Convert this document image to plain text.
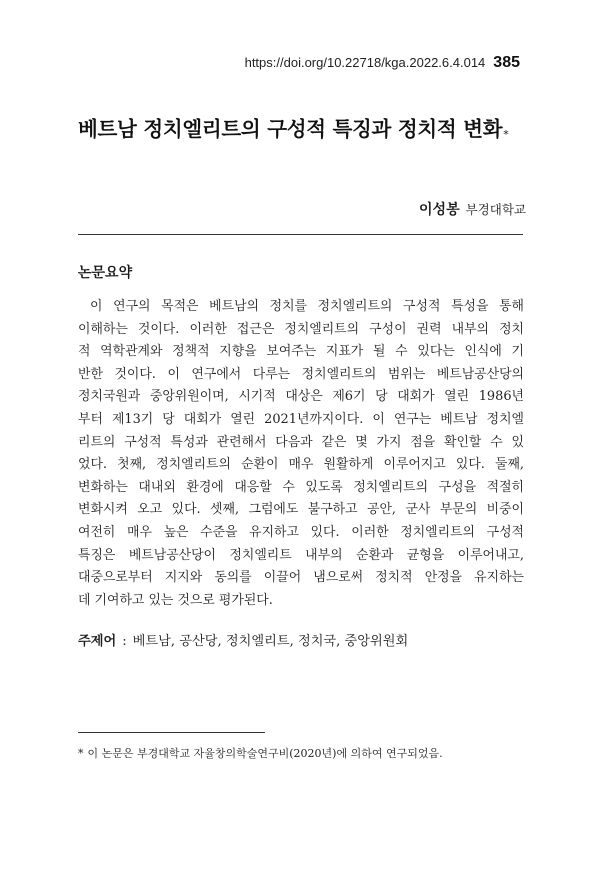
https://doi.org/10.22718/kga.2022.6.4.014 385
베트남 정치엘리트의 구성적 특징과 정치적 변화*
이성봉 부경대학교
논문요약

이 연구의 목적은 베트남의 정치를 정치엘리트의 구성적 특성을 통해
이해하는 것이다. 이러한 접근은 정치엘리트의 구성이 권력 내부의 정치
적 역학관계와 정책적 지향을 보여주는 지표가 될 수 있다는 인식에 기
반한 것이다. 이 연구에서 다루는 정치엘리트의 범위는 베트남공산당의
정치국원과 중앙위원이며, 시기적 대상은 제6기 당 대회가 열린 1986년
부터 제13기 당 대회가 열린 2021년까지이다. 이 연구는 베트남 정치엘
리트의 구성적 특성과 관련해서 다음과 같은 몇 가지 점을 확인할 수 있
었다. 첫째, 정치엘리트의 순환이 매우 원활하게 이루어지고 있다. 둘째,
변화하는 대내외 환경에 대응할 수 있도록 정치엘리트의 구성을 적절히
변화시켜 오고 있다. 셋째, 그럼에도 불구하고 공안, 군사 부문의 비중이
여전히 매우 높은 수준을 유지하고 있다. 이러한 정치엘리트의 구성적
특징은 베트남공산당이 정치엘리트 내부의 순환과 균형을 이루어내고,
대중으로부터 지지와 동의를 이끌어 냄으로써 정치적 안정을 유지하는
데 기여하고 있는 것으로 평가된다.

주제어 : 베트남, 공산당, 정치엘리트, 정치국, 중앙위원회
* 이 논문은 부경대학교 자율창의학술연구비(2020년)에 의하여 연구되었음.
